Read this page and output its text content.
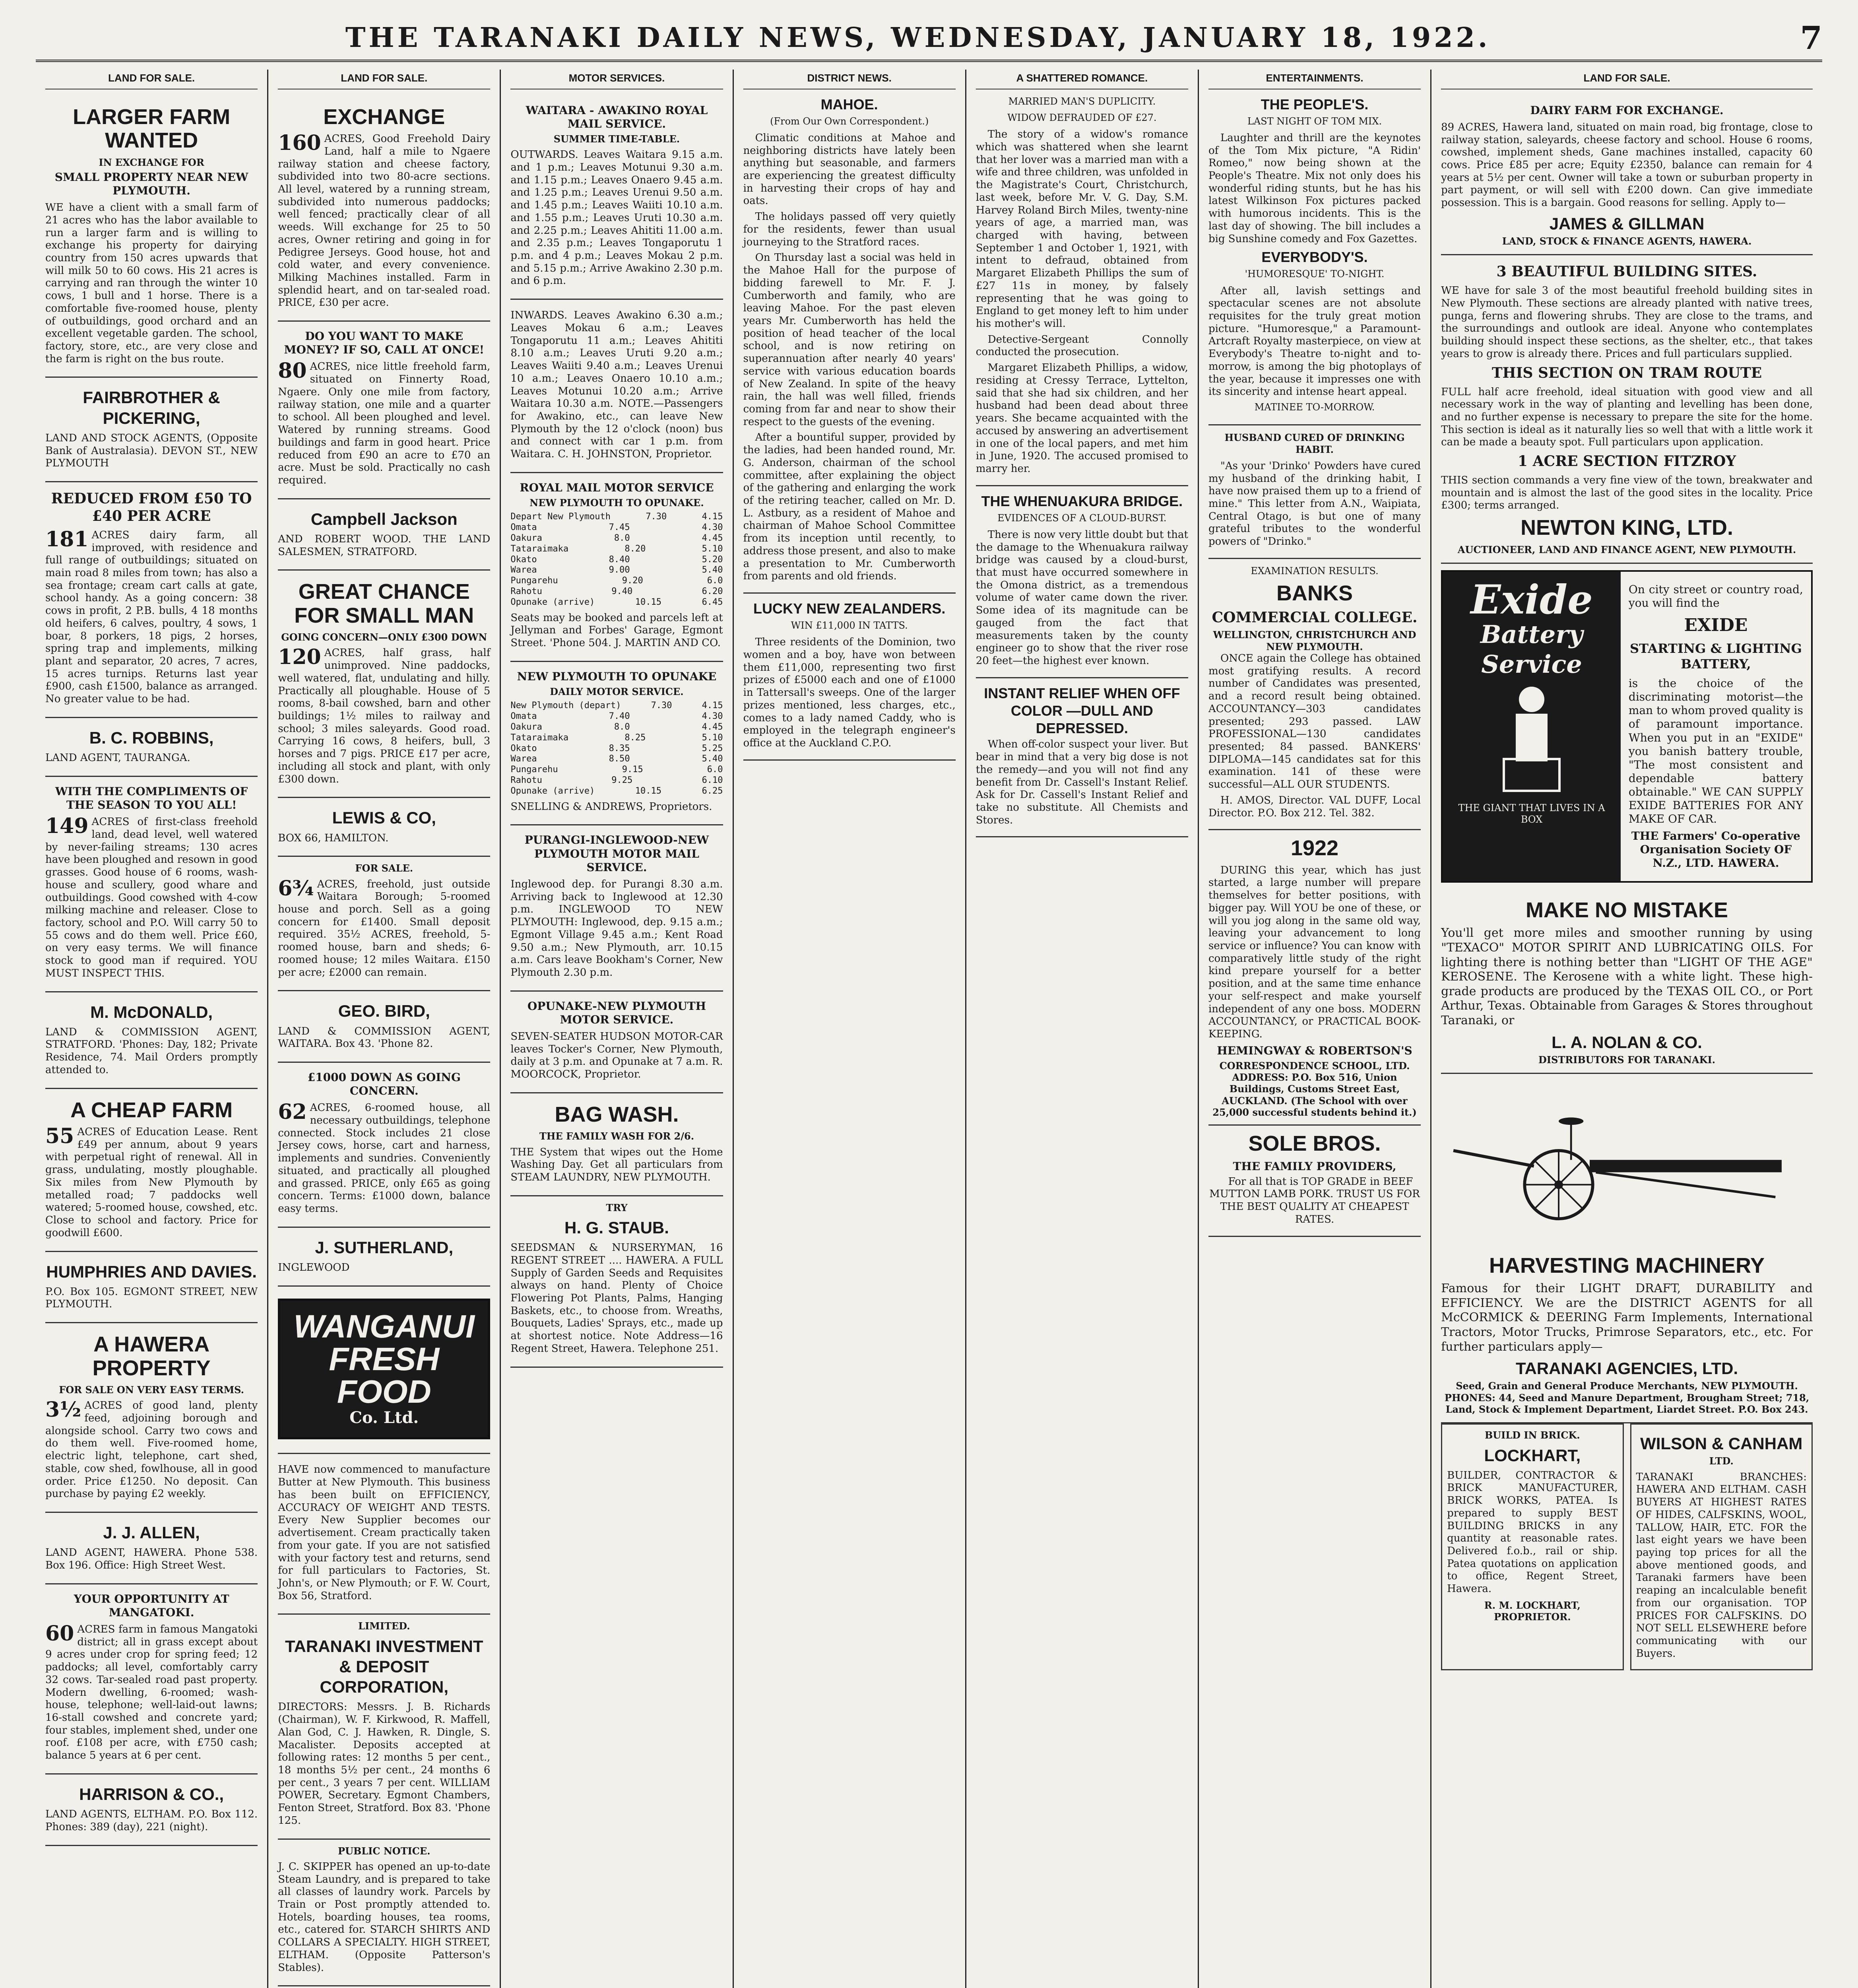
THE TARANAKI DAILY NEWS, WEDNESDAY, JANUARY 18, 1922.	7
LAND FOR SALE.
LARGER FARM WANTED
IN EXCHANGE FOR
SMALL PROPERTY NEAR NEW PLYMOUTH.
WE have a client with a small farm of 21 acres who has the labor available to run a larger farm and is willing to exchange his property for dairying country from 150 acres upwards that will milk 50 to 60 cows. His 21 acres is carrying and ran through the winter 10 cows, 1 bull and 1 horse. There is a comfortable five-roomed house, plenty of outbuildings, good orchard and an excellent vegetable garden. The school, factory, store, etc., are very close and the farm is right on the bus route.
FAIRBROTHER & PICKERING,
LAND AND STOCK AGENTS, (Opposite Bank of Australasia). DEVON ST., NEW PLYMOUTH
REDUCED FROM £50 TO £40 PER ACRE
181 ACRES dairy farm, all improved, with residence and full range of outbuildings; situated on main road 8 miles from town; has also a sea frontage; cream cart calls at gate, school handy. As a going concern: 38 cows in profit, 2 P.B. bulls, 4 18 months old heifers, 6 calves, poultry, 4 sows, 1 boar, 8 porkers, 18 pigs, 2 horses, spring trap and implements, milking plant and separator, 20 acres, 7 acres, 15 acres turnips. Returns last year £900, cash £1500, balance as arranged. No greater value to be had.
B. C. ROBBINS,
LAND AGENT, TAURANGA.
WITH THE COMPLIMENTS OF THE SEASON TO YOU ALL!
149 ACRES of first-class freehold land, dead level, well watered by never-failing streams; 130 acres have been ploughed and resown in good grasses. Good house of 6 rooms, wash-house and scullery, good whare and outbuildings. Good cowshed with 4-cow milking machine and releaser. Close to factory, school and P.O. Will carry 50 to 55 cows and do them well. Price £60, on very easy terms. We will finance stock to good man if required. YOU MUST INSPECT THIS.
M. McDONALD,
LAND & COMMISSION AGENT, STRATFORD. 'Phones: Day, 182; Private Residence, 74. Mail Orders promptly attended to.
A CHEAP FARM
55 ACRES of Education Lease. Rent £49 per annum, about 9 years with perpetual right of renewal. All in grass, undulating, mostly ploughable. Six miles from New Plymouth by metalled road; 7 paddocks well watered; 5-roomed house, cowshed, etc. Close to school and factory. Price for goodwill £600.
HUMPHRIES AND DAVIES.
P.O. Box 105. EGMONT STREET, NEW PLYMOUTH.
A HAWERA PROPERTY
FOR SALE ON VERY EASY TERMS.
3½ ACRES of good land, plenty feed, adjoining borough and alongside school. Carry two cows and do them well. Five-roomed home, electric light, telephone, cart shed, stable, cow shed, fowlhouse, all in good order. Price £1250. No deposit. Can purchase by paying £2 weekly.
J. J. ALLEN,
LAND AGENT, HAWERA. Phone 538. Box 196. Office: High Street West.
YOUR OPPORTUNITY AT MANGATOKI.
60 ACRES farm in famous Mangatoki district; all in grass except about 9 acres under crop for spring feed; 12 paddocks; all level, comfortably carry 32 cows. Tar-sealed road past property. Modern dwelling, 6-roomed; wash-house, telephone; well-laid-out lawns; 16-stall cowshed and concrete yard; four stables, implement shed, under one roof. £108 per acre, with £750 cash; balance 5 years at 6 per cent.
HARRISON & CO.,
LAND AGENTS, ELTHAM. P.O. Box 112. Phones: 389 (day), 221 (night).
LAND FOR SALE.
EXCHANGE
160 ACRES, Good Freehold Dairy Land, half a mile to Ngaere railway station and cheese factory, subdivided into two 80-acre sections. All level, watered by a running stream, subdivided into numerous paddocks; well fenced; practically clear of all weeds. Will exchange for 25 to 50 acres, Owner retiring and going in for Pedigree Jerseys. Good house, hot and cold water, and every convenience. Milking Machines installed. Farm in splendid heart, and on tar-sealed road. PRICE, £30 per acre.
DO YOU WANT TO MAKE MONEY? IF SO, CALL AT ONCE!
80 ACRES, nice little freehold farm, situated on Finnerty Road, Ngaere. Only one mile from factory, railway station, one mile and a quarter to school. All been ploughed and level. Watered by running streams. Good buildings and farm in good heart. Price reduced from £90 an acre to £70 an acre. Must be sold. Practically no cash required.
Campbell Jackson
AND ROBERT WOOD. THE LAND SALESMEN, STRATFORD.
GREAT CHANCE FOR SMALL MAN
GOING CONCERN—ONLY £300 DOWN
120 ACRES, half grass, half unimproved. Nine paddocks, well watered, flat, undulating and hilly. Practically all ploughable. House of 5 rooms, 8-bail cowshed, barn and other buildings; 1½ miles to railway and school; 3 miles saleyards. Good road. Carrying 16 cows, 8 heifers, bull, 3 horses and 7 pigs. PRICE £17 per acre, including all stock and plant, with only £300 down.
LEWIS & CO,
BOX 66, HAMILTON.
FOR SALE.
6¾ ACRES, freehold, just outside Waitara Borough; 5-roomed house and porch. Sell as a going concern for £1400. Small deposit required. 35½ ACRES, freehold, 5-roomed house, barn and sheds; 6-roomed house; 12 miles Waitara. £150 per acre; £2000 can remain.
GEO. BIRD,
LAND & COMMISSION AGENT, WAITARA. Box 43. 'Phone 82.
£1000 DOWN AS GOING CONCERN.
62 ACRES, 6-roomed house, all necessary outbuildings, telephone connected. Stock includes 21 close Jersey cows, horse, cart and harness, implements and sundries. Conveniently situated, and practically all ploughed and grassed. PRICE, only £65 as going concern. Terms: £1000 down, balance easy terms.
J. SUTHERLAND,
INGLEWOOD
WANGANUI
FRESH FOOD
Co. Ltd.
HAVE now commenced to manufacture Butter at New Plymouth. This business has been built on EFFICIENCY, ACCURACY OF WEIGHT AND TESTS. Every New Supplier becomes our advertisement. Cream practically taken from your gate. If you are not satisfied with your factory test and returns, send for full particulars to Factories, St. John's, or New Plymouth; or F. W. Court, Box 56, Stratford.
LIMITED.
TARANAKI INVESTMENT & DEPOSIT CORPORATION,
DIRECTORS: Messrs. J. B. Richards (Chairman), W. F. Kirkwood, R. Maffell, Alan God, C. J. Hawken, R. Dingle, S. Macalister. Deposits accepted at following rates: 12 months 5 per cent., 18 months 5½ per cent., 24 months 6 per cent., 3 years 7 per cent. WILLIAM POWER, Secretary. Egmont Chambers, Fenton Street, Stratford. Box 83. 'Phone 125.
PUBLIC NOTICE.
J. C. SKIPPER has opened an up-to-date Steam Laundry, and is prepared to take all classes of laundry work. Parcels by Train or Post promptly attended to. Hotels, boarding houses, tea rooms, etc., catered for. STARCH SHIRTS AND COLLARS A SPECIALTY. HIGH STREET, ELTHAM. (Opposite Patterson's Stables).
MOTOR SERVICES.
WAITARA - AWAKINO ROYAL MAIL SERVICE.
SUMMER TIME-TABLE.
OUTWARDS. Leaves Waitara 9.15 a.m. and 1 p.m.; Leaves Motunui 9.30 a.m. and 1.15 p.m.; Leaves Onaero 9.45 a.m. and 1.25 p.m.; Leaves Urenui 9.50 a.m. and 1.45 p.m.; Leaves Waiiti 10.10 a.m. and 1.55 p.m.; Leaves Uruti 10.30 a.m. and 2.25 p.m.; Leaves Ahititi 11.00 a.m. and 2.35 p.m.; Leaves Tongaporutu 1 p.m. and 4 p.m.; Leaves Mokau 2 p.m. and 5.15 p.m.; Arrive Awakino 2.30 p.m. and 6 p.m.
INWARDS. Leaves Awakino 6.30 a.m.; Leaves Mokau 6 a.m.; Leaves Tongaporutu 11 a.m.; Leaves Ahititi 8.10 a.m.; Leaves Uruti 9.20 a.m.; Leaves Waiiti 9.40 a.m.; Leaves Urenui 10 a.m.; Leaves Onaero 10.10 a.m.; Leaves Motunui 10.20 a.m.; Arrive Waitara 10.30 a.m. NOTE.—Passengers for Awakino, etc., can leave New Plymouth by the 12 o'clock (noon) bus and connect with car 1 p.m. from Waitara. C. H. JOHNSTON, Proprietor.
ROYAL MAIL MOTOR SERVICE
NEW PLYMOUTH TO OPUNAKE.
Depart New Plymouth	7.30	4.15
Omata	7.45	4.30
Oakura	8.0	4.45
Tataraimaka	8.20	5.10
Okato	8.40	5.20
Warea	9.00	5.40
Pungarehu	9.20	6.0
Rahotu	9.40	6.20
Opunake (arrive)	10.15	6.45
Seats may be booked and parcels left at Jellyman and Forbes' Garage, Egmont Street. 'Phone 504. J. MARTIN AND CO.
NEW PLYMOUTH TO OPUNAKE
DAILY MOTOR SERVICE.
New Plymouth (depart)	7.30	4.15
Omata	7.40	4.30
Oakura	8.0	4.45
Tataraimaka	8.25	5.10
Okato	8.35	5.25
Warea	8.50	5.40
Pungarehu	9.15	6.0
Rahotu	9.25	6.10
Opunake (arrive)	10.15	6.25
SNELLING & ANDREWS, Proprietors.
PURANGI-INGLEWOOD-NEW PLYMOUTH MOTOR MAIL SERVICE.
Inglewood dep. for Purangi 8.30 a.m. Arriving back to Inglewood at 12.30 p.m. INGLEWOOD TO NEW PLYMOUTH: Inglewood, dep. 9.15 a.m.; Egmont Village 9.45 a.m.; Kent Road 9.50 a.m.; New Plymouth, arr. 10.15 a.m. Cars leave Bookham's Corner, New Plymouth 2.30 p.m.
OPUNAKE-NEW PLYMOUTH MOTOR SERVICE.
SEVEN-SEATER HUDSON MOTOR-CAR leaves Tocker's Corner, New Plymouth, daily at 3 p.m. and Opunake at 7 a.m. R. MOORCOCK, Proprietor.
BAG WASH.
THE FAMILY WASH FOR 2/6.
THE System that wipes out the Home Washing Day. Get all particulars from STEAM LAUNDRY, NEW PLYMOUTH.
TRY
H. G. STAUB.
SEEDSMAN & NURSERYMAN, 16 REGENT STREET .... HAWERA. A FULL Supply of Garden Seeds and Requisites always on hand. Plenty of Choice Flowering Pot Plants, Palms, Hanging Baskets, etc., to choose from. Wreaths, Bouquets, Ladies' Sprays, etc., made up at shortest notice. Note Address—16 Regent Street, Hawera. Telephone 251.
DISTRICT NEWS.
MAHOE.
(From Our Own Correspondent.)

Climatic conditions at Mahoe and neighboring districts have lately been anything but seasonable, and farmers are experiencing the greatest difficulty in harvesting their crops of hay and oats.

The holidays passed off very quietly for the residents, fewer than usual journeying to the Stratford races.

On Thursday last a social was held in the Mahoe Hall for the purpose of bidding farewell to Mr. F. J. Cumberworth and family, who are leaving Mahoe. For the past eleven years Mr. Cumberworth has held the position of head teacher of the local school, and is now retiring on superannuation after nearly 40 years' service with various education boards of New Zealand. In spite of the heavy rain, the hall was well filled, friends coming from far and near to show their respect to the guests of the evening.

After a bountiful supper, provided by the ladies, had been handed round, Mr. G. Anderson, chairman of the school committee, after explaining the object of the gathering and enlarging the work of the retiring teacher, called on Mr. D. L. Astbury, as a resident of Mahoe and chairman of Mahoe School Committee from its inception until recently, to address those present, and also to make a presentation to Mr. Cumberworth from parents and old friends.

LUCKY NEW ZEALANDERS.
WIN £11,000 IN TATTS.

Three residents of the Dominion, two women and a boy, have won between them £11,000, representing two first prizes of £5000 each and one of £1000 in Tattersall's sweeps. One of the larger prizes mentioned, less charges, etc., comes to a lady named Caddy, who is employed in the telegraph engineer's office at the Auckland C.P.O.

A SHATTERED ROMANCE.
MARRIED MAN'S DUPLICITY.
WIDOW DEFRAUDED OF £27.

The story of a widow's romance which was shattered when she learnt that her lover was a married man with a wife and three children, was unfolded in the Magistrate's Court, Christchurch, last week, before Mr. V. G. Day, S.M. Harvey Roland Birch Miles, twenty-nine years of age, a married man, was charged with having, between September 1 and October 1, 1921, with intent to defraud, obtained from Margaret Elizabeth Phillips the sum of £27 11s in money, by falsely representing that he was going to England to get money left to him under his mother's will.

Detective-Sergeant Connolly conducted the prosecution.

Margaret Elizabeth Phillips, a widow, residing at Cressy Terrace, Lyttelton, said that she had six children, and her husband had been dead about three years. She became acquainted with the accused by answering an advertisement in one of the local papers, and met him in June, 1920. The accused promised to marry her.

THE WHENUAKURA BRIDGE.
EVIDENCES OF A CLOUD-BURST.

There is now very little doubt but that the damage to the Whenuakura railway bridge was caused by a cloud-burst, that must have occurred somewhere in the Omona district, as a tremendous volume of water came down the river. Some idea of its magnitude can be gauged from the fact that measurements taken by the county engineer go to show that the river rose 20 feet—the highest ever known.

INSTANT RELIEF WHEN OFF COLOR —DULL AND DEPRESSED.

When off-color suspect your liver. But bear in mind that a very big dose is not the remedy—and you will not find any benefit from Dr. Cassell's Instant Relief. Ask for Dr. Cassell's Instant Relief and take no substitute. All Chemists and Stores.

ENTERTAINMENTS.
THE PEOPLE'S.
LAST NIGHT OF TOM MIX.

Laughter and thrill are the keynotes of the Tom Mix picture, "A Ridin' Romeo," now being shown at the People's Theatre. Mix not only does his wonderful riding stunts, but he has his latest Wilkinson Fox pictures packed with humorous incidents. This is the last day of showing. The bill includes a big Sunshine comedy and Fox Gazettes.

EVERYBODY'S.
'HUMORESQUE' TO-NIGHT.

After all, lavish settings and spectacular scenes are not absolute requisites for the truly great motion picture. "Humoresque," a Paramount-Artcraft Royalty masterpiece, on view at Everybody's Theatre to-night and to-morrow, is among the big photoplays of the year, because it impresses one with its sincerity and intense heart appeal.

MATINEE TO-MORROW.
HUSBAND CURED OF DRINKING HABIT.

"As your 'Drinko' Powders have cured my husband of the drinking habit, I have now praised them up to a friend of mine." This letter from A.N., Waipiata, Central Otago, is but one of many grateful tributes to the wonderful powers of "Drinko."

EXAMINATION RESULTS.
BANKS
COMMERCIAL COLLEGE.
WELLINGTON, CHRISTCHURCH AND NEW PLYMOUTH.

ONCE again the College has obtained most gratifying results. A record number of Candidates was presented, and a record result being obtained. ACCOUNTANCY—303 candidates presented; 293 passed. LAW PROFESSIONAL—130 candidates presented; 84 passed. BANKERS' DIPLOMA—145 candidates sat for this examination. 141 of these were successful—ALL OUR STUDENTS.

H. AMOS, Director. VAL DUFF, Local Director. P.O. Box 212. Tel. 382.

1922

DURING this year, which has just started, a large number will prepare themselves for better positions, with bigger pay. Will YOU be one of these, or will you jog along in the same old way, leaving your advancement to long service or influence? You can know with comparatively little study of the right kind prepare yourself for a better position, and at the same time enhance your self-respect and make yourself independent of any one boss. MODERN ACCOUNTANCY, or PRACTICAL BOOK-KEEPING.

HEMINGWAY & ROBERTSON'S
CORRESPONDENCE SCHOOL, LTD. ADDRESS: P.O. Box 516, Union Buildings, Customs Street East, AUCKLAND. (The School with over 25,000 successful students behind it.)
SOLE BROS.
THE FAMILY PROVIDERS,

For all that is TOP GRADE in BEEF MUTTON LAMB PORK. TRUST US FOR THE BEST QUALITY AT CHEAPEST RATES.

LAND FOR SALE.
DAIRY FARM FOR EXCHANGE.
89 ACRES, Hawera land, situated on main road, big frontage, close to railway station, saleyards, cheese factory and school. House 6 rooms, cowshed, implement sheds, Gane machines installed, capacity 60 cows. Price £85 per acre; Equity £2350, balance can remain for 4 years at 5½ per cent. Owner will take a town or suburban property in part payment, or will sell with £200 down. Can give immediate possession. This is a bargain. Good reasons for selling. Apply to—
JAMES & GILLMAN
LAND, STOCK & FINANCE AGENTS, HAWERA.
3 BEAUTIFUL BUILDING SITES.
WE have for sale 3 of the most beautiful freehold building sites in New Plymouth. These sections are already planted with native trees, punga, ferns and flowering shrubs. They are close to the trams, and the surroundings and outlook are ideal. Anyone who contemplates building should inspect these sections, as the shelter, etc., that takes years to grow is already there. Prices and full particulars supplied.
THIS SECTION ON TRAM ROUTE
FULL half acre freehold, ideal situation with good view and all necessary work in the way of planting and levelling has been done, and no further expense is necessary to prepare the site for the home. This section is ideal as it naturally lies so well that with a little work it can be made a beauty spot. Full particulars upon application.
1 ACRE SECTION FITZROY
THIS section commands a very fine view of the town, breakwater and mountain and is almost the last of the good sites in the locality. Price £300; terms arranged.
NEWTON KING, LTD.
AUCTIONEER, LAND AND FINANCE AGENT, NEW PLYMOUTH.
Exide
Battery Service
THE GIANT THAT LIVES IN A BOX

On city street or country road, you will find the

EXIDE
STARTING & LIGHTING BATTERY,

is the choice of the discriminating motorist—the man to whom proved quality is of paramount importance. When you put in an "EXIDE" you banish battery trouble, "The most consistent and dependable battery obtainable." WE CAN SUPPLY EXIDE BATTERIES FOR ANY MAKE OF CAR.

THE Farmers' Co-operative Organisation Society OF N.Z., LTD. HAWERA.

MAKE NO MISTAKE
You'll get more miles and smoother running by using "TEXACO" MOTOR SPIRIT AND LUBRICATING OILS. For lighting there is nothing better than "LIGHT OF THE AGE" KEROSENE. The Kerosene with a white light. These high-grade products are produced by the TEXAS OIL CO., or Port Arthur, Texas. Obtainable from Garages & Stores throughout Taranaki, or
L. A. NOLAN & CO.
DISTRIBUTORS FOR TARANAKI.
HARVESTING MACHINERY
Famous for their LIGHT DRAFT, DURABILITY and EFFICIENCY. We are the DISTRICT AGENTS for all McCORMICK & DEERING Farm Implements, International Tractors, Motor Trucks, Primrose Separators, etc., etc. For further particulars apply—
TARANAKI AGENCIES, LTD.
Seed, Grain and General Produce Merchants, NEW PLYMOUTH. PHONES: 44, Seed and Manure Department, Brougham Street; 718, Land, Stock & Implement Department, Liardet Street. P.O. Box 243.
BUILD IN BRICK.
LOCKHART,
BUILDER, CONTRACTOR & BRICK MANUFACTURER, BRICK WORKS, PATEA. Is prepared to supply BEST BUILDING BRICKS in any quantity at reasonable rates. Delivered f.o.b., rail or ship. Patea quotations on application to office, Regent Street, Hawera.
R. M. LOCKHART, PROPRIETOR.
WILSON & CANHAM
LTD.
TARANAKI BRANCHES: HAWERA AND ELTHAM. CASH BUYERS AT HIGHEST RATES OF HIDES, CALFSKINS, WOOL, TALLOW, HAIR, ETC. FOR the last eight years we have been paying top prices for all the above mentioned goods, and Taranaki farmers have been reaping an incalculable benefit from our organisation. TOP PRICES FOR CALFSKINS. DO NOT SELL ELSEWHERE before communicating with our Buyers.
